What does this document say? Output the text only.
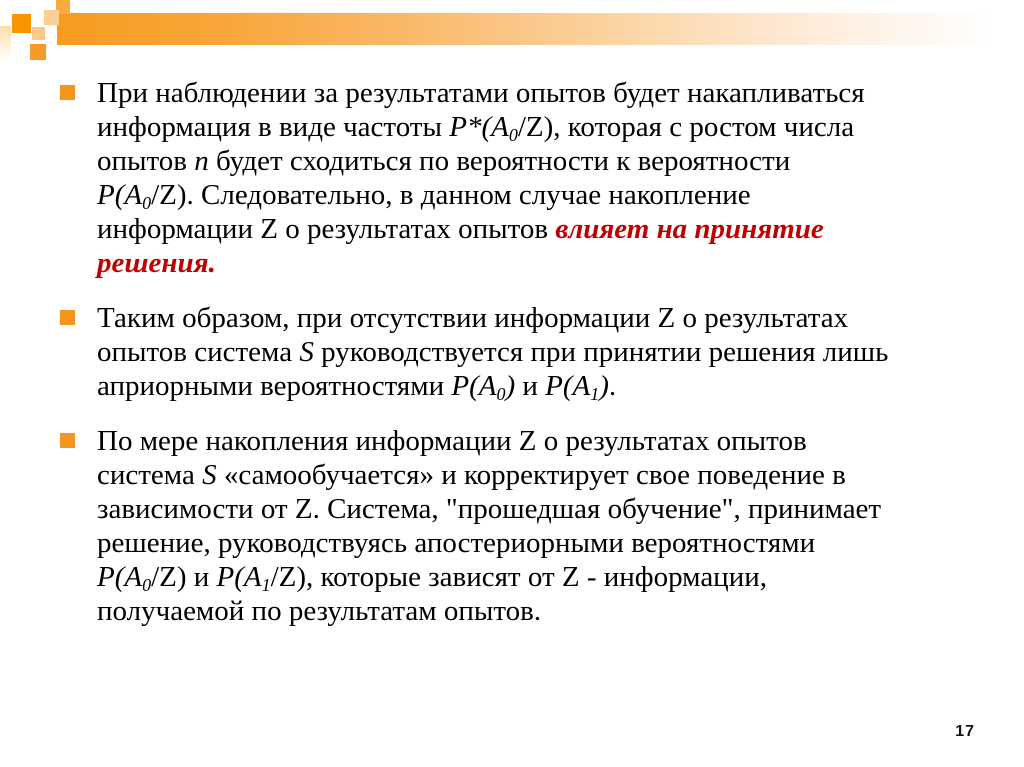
При наблюдении за результатами опытов будет накапливаться
информация в виде частоты P*(A0/Z), которая с ростом числа
опытов n будет сходиться по вероятности к вероятности
P(A0/Z). Следовательно, в данном случае накопление
информации Z о результатах опытов влияет на принятие
решения.
Таким образом, при отсутствии информации Z о результатах
опытов система S руководствуется при принятии решения лишь
априорными вероятностями P(A0) и P(A1).
По мере накопления информации Z о результатах опытов
система S «самообучается» и корректирует свое поведение в
зависимости от Z. Система, "прошедшая обучение", принимает
решение, руководствуясь апостериорными вероятностями
P(A0/Z) и P(A1/Z), которые зависят от Z - информации,
получаемой по результатам опытов.
17
